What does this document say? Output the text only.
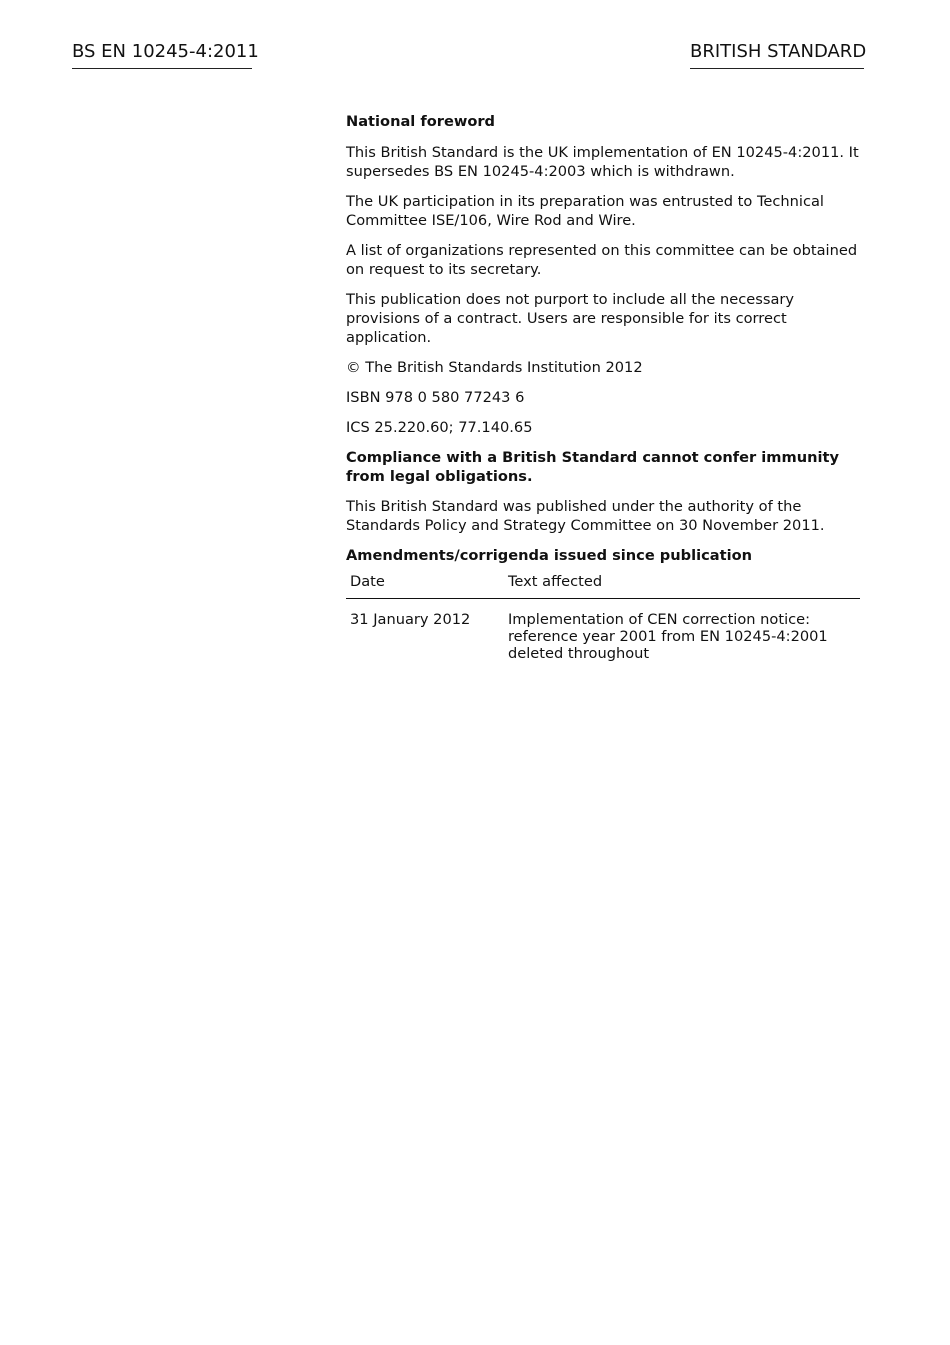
BS EN 10245-4:2011	BRITISH STANDARD

National foreword

This British Standard is the UK implementation of EN 10245-4:2011. It supersedes BS EN 10245-4:2003 which is withdrawn.

The UK participation in its preparation was entrusted to Technical Committee ISE/106, Wire Rod and Wire.

A list of organizations represented on this committee can be obtained on request to its secretary.

This publication does not purport to include all the necessary provisions of a contract. Users are responsible for its correct application.

© The British Standards Institution 2012

ISBN 978 0 580 77243 6

ICS 25.220.60; 77.140.65

Compliance with a British Standard cannot confer immunity from legal obligations.

This British Standard was published under the authority of the Standards Policy and Strategy Committee on 30 November 2011.

Amendments/corrigenda issued since publication
Date	Text affected
31 January 2012	Implementation of CEN correction notice: reference year 2001 from EN 10245-4:2001 deleted throughout
